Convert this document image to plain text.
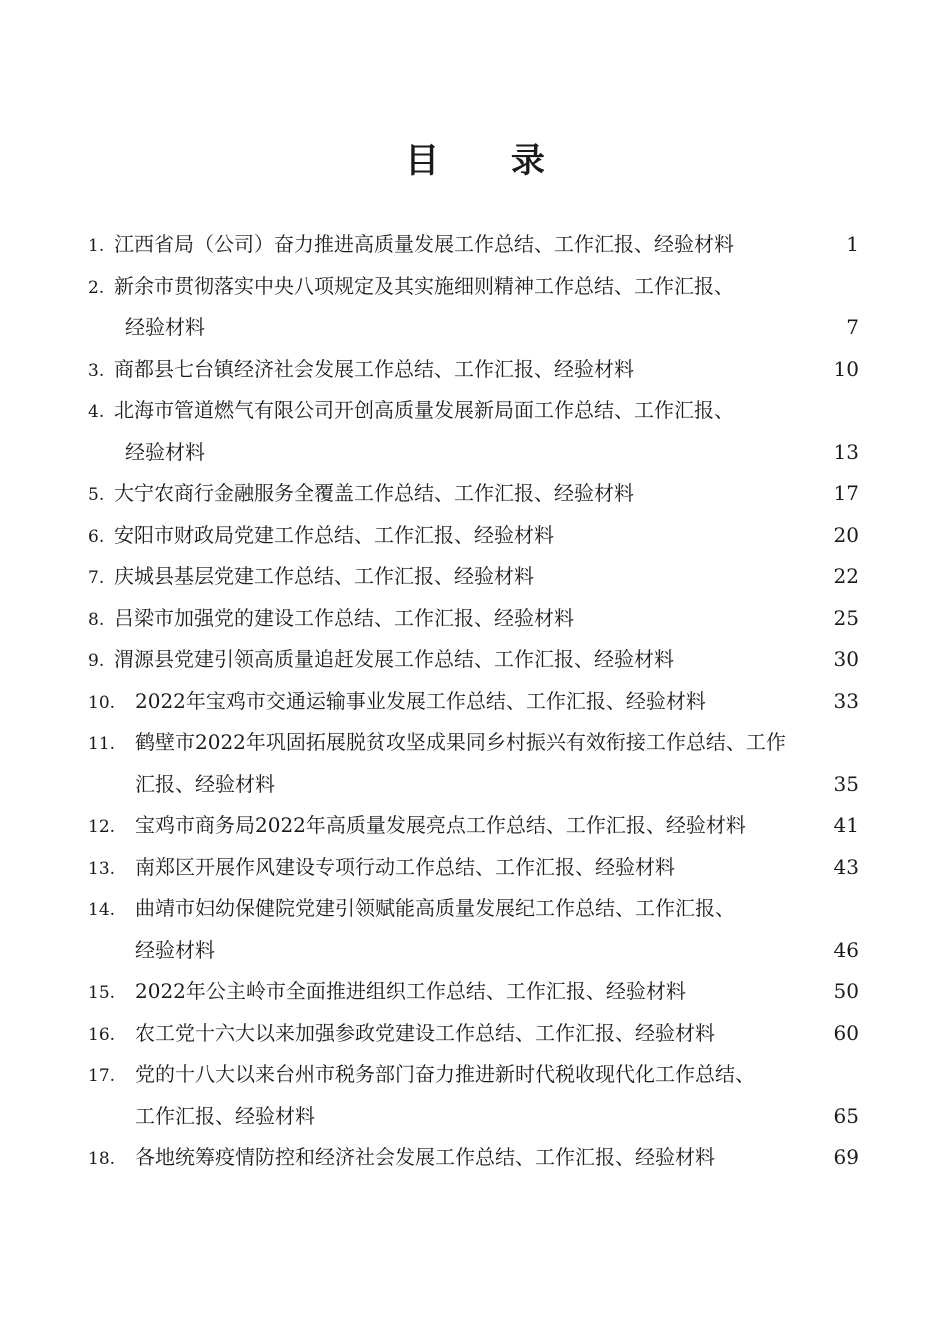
目 录
1. 江西省局（公司）奋力推进高质量发展工作总结、工作汇报、经验材料	1
2. 新余市贯彻落实中央八项规定及其实施细则精神工作总结、工作汇报、
经验材料	7
3. 商都县七台镇经济社会发展工作总结、工作汇报、经验材料	10
4. 北海市管道燃气有限公司开创高质量发展新局面工作总结、工作汇报、
经验材料	13
5. 大宁农商行金融服务全覆盖工作总结、工作汇报、经验材料	17
6. 安阳市财政局党建工作总结、工作汇报、经验材料	20
7. 庆城县基层党建工作总结、工作汇报、经验材料	22
8. 吕梁市加强党的建设工作总结、工作汇报、经验材料	25
9. 渭源县党建引领高质量追赶发展工作总结、工作汇报、经验材料	30
10. 2022年宝鸡市交通运输事业发展工作总结、工作汇报、经验材料	33
11. 鹤壁市2022年巩固拓展脱贫攻坚成果同乡村振兴有效衔接工作总结、工作
汇报、经验材料	35
12. 宝鸡市商务局2022年高质量发展亮点工作总结、工作汇报、经验材料	41
13. 南郑区开展作风建设专项行动工作总结、工作汇报、经验材料	43
14. 曲靖市妇幼保健院党建引领赋能高质量发展纪工作总结、工作汇报、
经验材料	46
15. 2022年公主岭市全面推进组织工作总结、工作汇报、经验材料	50
16. 农工党十六大以来加强参政党建设工作总结、工作汇报、经验材料	60
17. 党的十八大以来台州市税务部门奋力推进新时代税收现代化工作总结、
工作汇报、经验材料	65
18. 各地统筹疫情防控和经济社会发展工作总结、工作汇报、经验材料	69
